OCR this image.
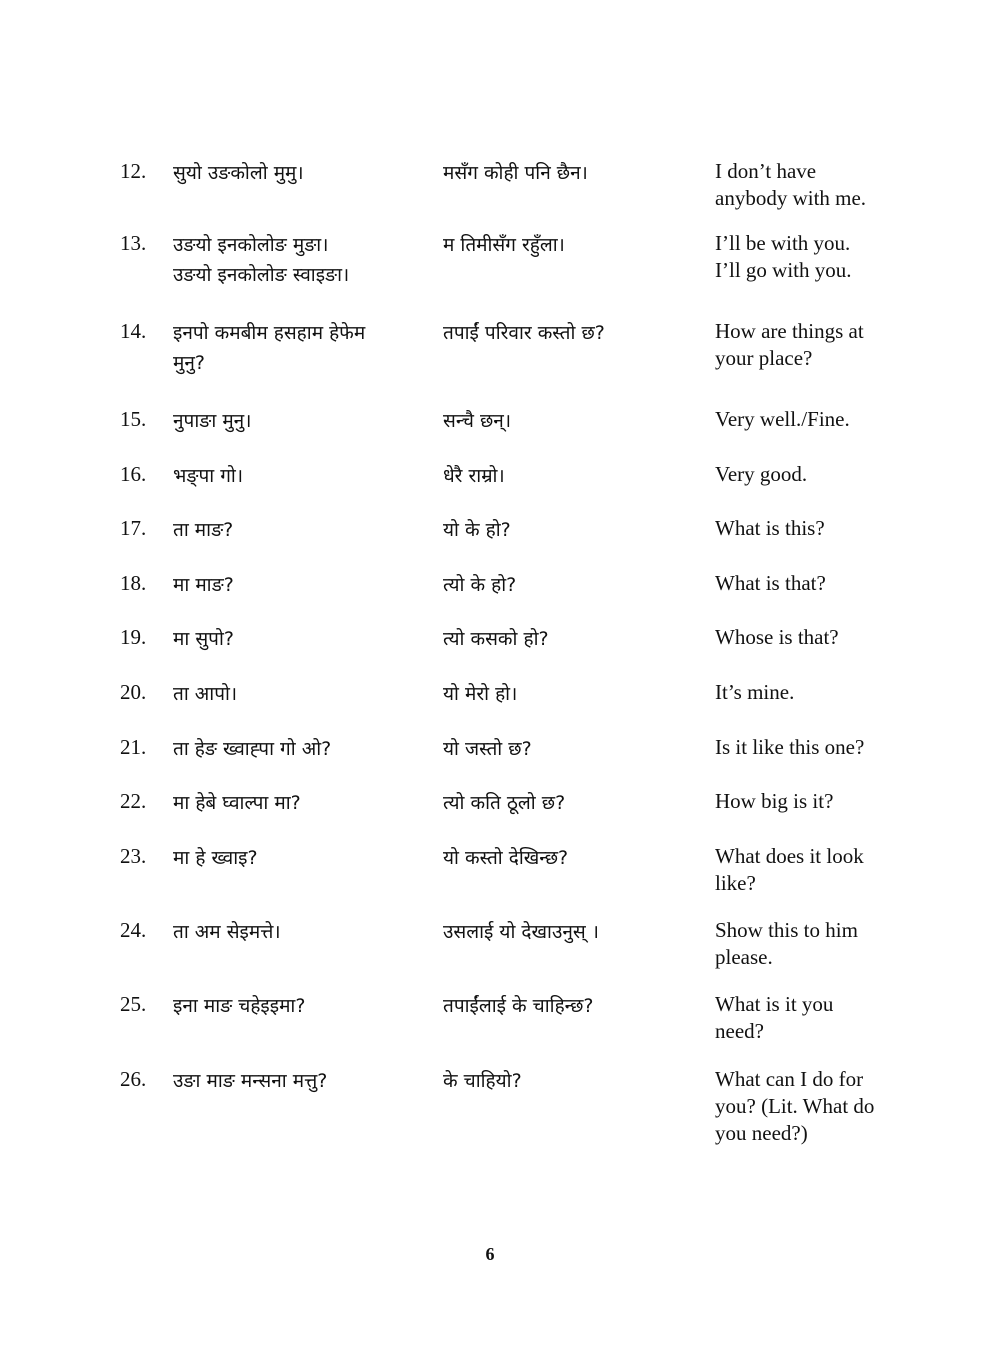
12. सुयो उङकोलो मुमु।	मसँग कोही पनि छैन।	I don’t have
anybody with me.
13. उङयो इनकोलोङ मुङा।
उङयो इनकोलोङ स्वाइङा।
म तिमीसँग रहुँला।	I’ll be with you.
I’ll go with you.
14. इनपो कमबीम हसहाम हेफेम
मुनु?
तपाईं परिवार कस्तो छ?	How are things at
your place?
15. नुपाङा मुनु।	सन्चै छन्।	Very well./Fine.
16. भङ्पा गो।	धेरै राम्रो।	Very good.
17. ता माङ?	यो के हो?	What is this?
18. मा माङ?	त्यो के हो?	What is that?
19. मा सुपो?	त्यो कसको हो?	Whose is that?
20. ता आपो।	यो मेरो हो।	It’s mine.
21. ता हेङ ख्वाह्पा गो ओ?	यो जस्तो छ?	Is it like this one?
22. मा हेबे घ्वाल्पा मा?	त्यो कति ठूलो छ?	How big is it?
23. मा हे ख्वाइ?	यो कस्तो देखिन्छ?	What does it look
like?
24. ता अम सेइमत्ते।	उसलाई यो देखाउनुस् ।	Show this to him
please.
25. इना माङ चहेइइमा?	तपाईंलाई के चाहिन्छ?	What is it you
need?
26. उङा माङ मन्सना मत्तु?	के चाहियो?	What can I do for
you? (Lit. What do
you need?)
6
